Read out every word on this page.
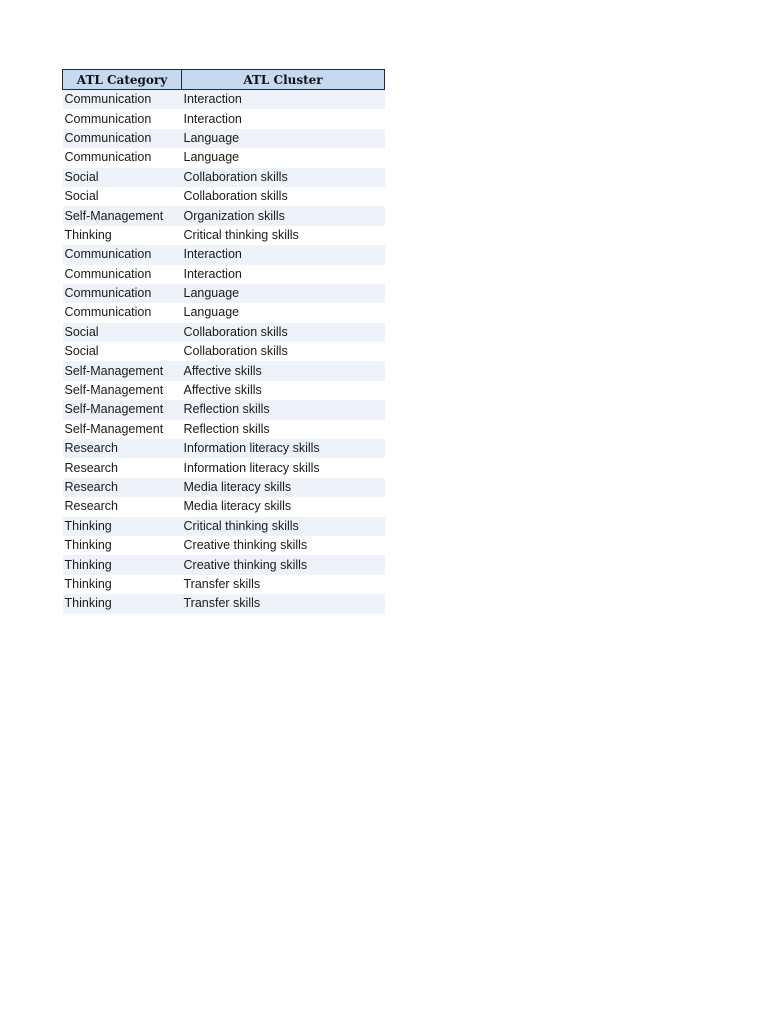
ATL Category	ATL Cluster
Communication	Interaction
Communication	Interaction
Communication	Language
Communication	Language
Social	Collaboration skills
Social	Collaboration skills
Self-Management	Organization skills
Thinking	Critical thinking skills
Communication	Interaction
Communication	Interaction
Communication	Language
Communication	Language
Social	Collaboration skills
Social	Collaboration skills
Self-Management	Affective skills
Self-Management	Affective skills
Self-Management	Reflection skills
Self-Management	Reflection skills
Research	Information literacy skills
Research	Information literacy skills
Research	Media literacy skills
Research	Media literacy skills
Thinking	Critical thinking skills
Thinking	Creative thinking skills
Thinking	Creative thinking skills
Thinking	Transfer skills
Thinking	Transfer skills
